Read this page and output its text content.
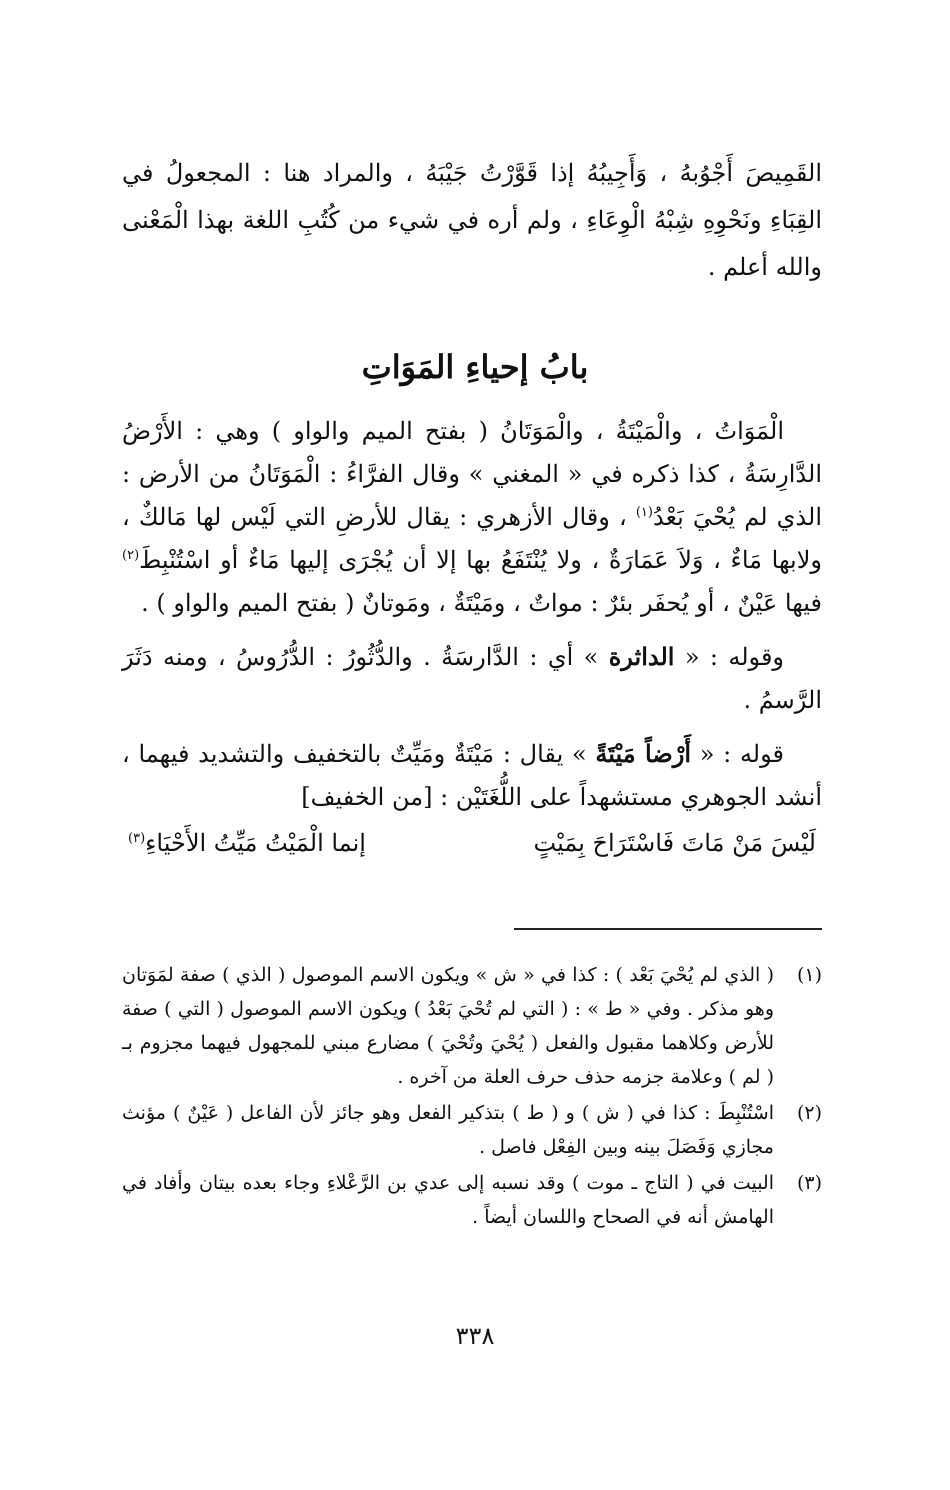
القَمِيصَ أَجْوُبهُ ، وَأَجِيبُهُ إذا قَوَّرْتُ جَيْبَهُ ، والمراد هنا : المجعولُ في القِبَاءِ ونَحْوِهِ شِبْهُ الْوِعَاءِ ، ولم أره في شيء من كُتُبِ اللغة بهذا الْمَعْنى والله أعلم .

بابُ إحياءِ المَوَاتِ

الْمَوَاتُ ، والْمَيْتَةُ ، والْمَوَتَانُ ( بفتح الميم والواو ) وهي : الأَرْضُ الدَّارِسَةُ ، كذا ذكره في « المغني » وقال الفرَّاءُ : الْمَوَتَانُ من الأرض : الذي لم يُحْيَ بَعْدُ$^{(١)}$ ، وقال الأزهري : يقال للأرضِ التي لَيْس لها مَالكٌ ، ولابها مَاءٌ ، وَلاَ عَمَارَةٌ ، ولا يُنْتَفَعُ بها إلا أن يُجْرَى إليها مَاءٌ أو اسْتُنْبِطَ$^{(٢)}$ فيها عَيْنٌ ، أو يُحفَر بئرٌ : مواتٌ ، ومَيْتَةٌ ، ومَوتانٌ ( بفتح الميم والواو ) .

وقوله : « الداثرة » أي : الدَّارسَةُ . والدُّثُورُ : الدُّرُوسُ ، ومنه دَثَرَ الرَّسمُ .

قوله : « أَرْضاً مَيْتَةً » يقال : مَيْتَةٌ ومَيِّتٌ بالتخفيف والتشديد فيهما ، أنشد الجوهري مستشهداً على اللُّغَتَيْن : [من الخفيف]

لَيْسَ مَنْ مَاتَ فَاسْتَرَاحَ بِمَيْتٍ
إنما الْمَيْتُ مَيِّتُ الأَحْيَاءِ$^{(٣)}$
(١)
( الذي لم يُحْيَ بَعْد ) : كذا في « ش » ويكون الاسم الموصول ( الذي ) صفة لمَوَتان وهو مذكر . وفي « ط » : ( التي لم تُحْيَ بَعْدُ ) ويكون الاسم الموصول ( التي ) صفة للأرض وكلاهما مقبول والفعل ( يُحْيَ وتُحْيَ ) مضارع مبني للمجهول فيهما مجزوم بـ ( لم ) وعلامة جزمه حذف حرف العلة من آخره .
(٢)
اسْتُنْبِطَ : كذا في ( ش ) و ( ط ) بتذكير الفعل وهو جائز لأن الفاعل ( عَيْنٌ ) مؤنث مجازي وَفَصَلَ بينه وبين الفِعْل فاصل .
(٣)
البيت في ( التاج ـ موت ) وقد نسبه إلى عدي بن الرَّعْلاءِ وجاء بعده بيتان وأفاد في الهامش أنه في الصحاح واللسان أيضاً .
٣٣٨
